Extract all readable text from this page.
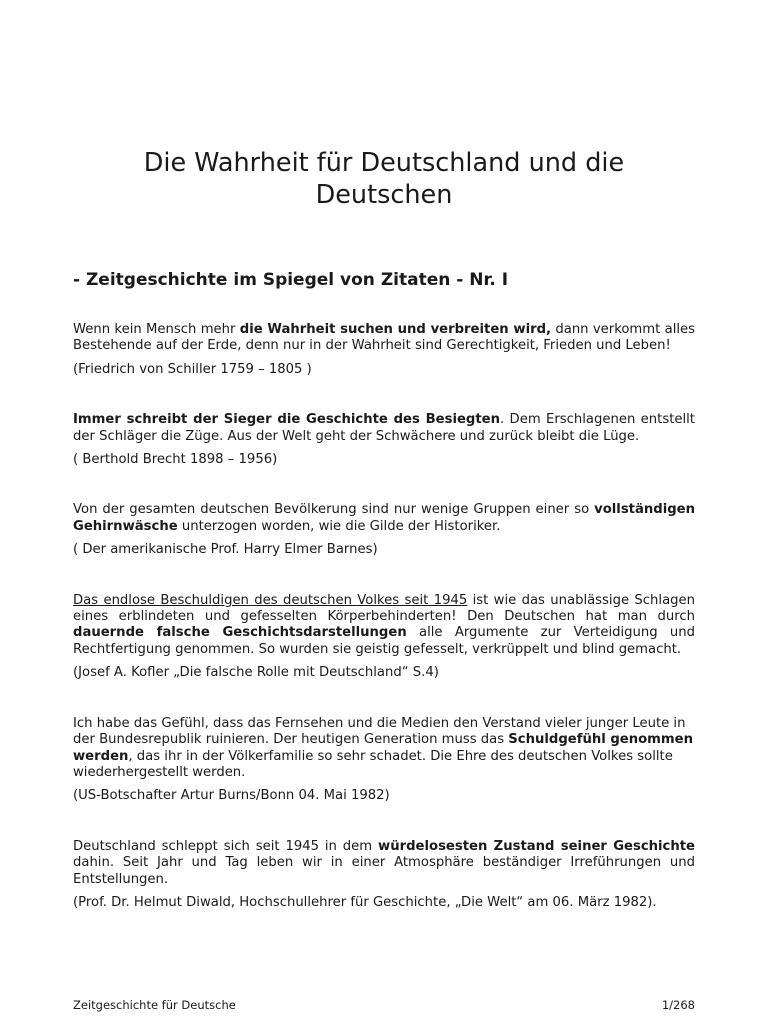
Die Wahrheit für Deutschland und die Deutschen
- Zeitgeschichte im Spiegel von Zitaten - Nr. I

Wenn kein Mensch mehr die Wahrheit suchen und verbreiten wird, dann verkommt alles Bestehende auf der Erde, denn nur in der Wahrheit sind Gerechtigkeit, Frieden und Leben!

(Friedrich von Schiller 1759 – 1805 )

Immer schreibt der Sieger die Geschichte des Besiegten. Dem Erschlagenen entstellt der Schläger die Züge. Aus der Welt geht der Schwächere und zurück bleibt die Lüge.

( Berthold Brecht 1898 – 1956)

Von der gesamten deutschen Bevölkerung sind nur wenige Gruppen einer so vollständigen Gehirnwäsche unterzogen worden, wie die Gilde der Historiker.

( Der amerikanische Prof. Harry Elmer Barnes)

Das endlose Beschuldigen des deutschen Volkes seit 1945 ist wie das unablässige Schlagen eines erblindeten und gefesselten Körperbehinderten! Den Deutschen hat man durch dauernde falsche Geschichtsdarstellungen alle Argumente zur Verteidigung und Rechtfertigung genommen. So wurden sie geistig gefesselt, verkrüppelt und blind gemacht.

(Josef A. Kofler „Die falsche Rolle mit Deutschland“ S.4)

Ich habe das Gefühl, dass das Fernsehen und die Medien den Verstand vieler junger Leute in der Bundesrepublik ruinieren. Der heutigen Generation muss das Schuldgefühl genommen werden, das ihr in der Völkerfamilie so sehr schadet. Die Ehre des deutschen Volkes sollte wiederhergestellt werden.

(US-Botschafter Artur Burns/Bonn 04. Mai 1982)

Deutschland schleppt sich seit 1945 in dem würdelosesten Zustand seiner Geschichte dahin. Seit Jahr und Tag leben wir in einer Atmosphäre beständiger Irreführungen und Entstellungen.

(Prof. Dr. Helmut Diwald, Hochschullehrer für Geschichte, „Die Welt“ am 06. März 1982).

Zeitgeschichte für Deutsche	1/268
